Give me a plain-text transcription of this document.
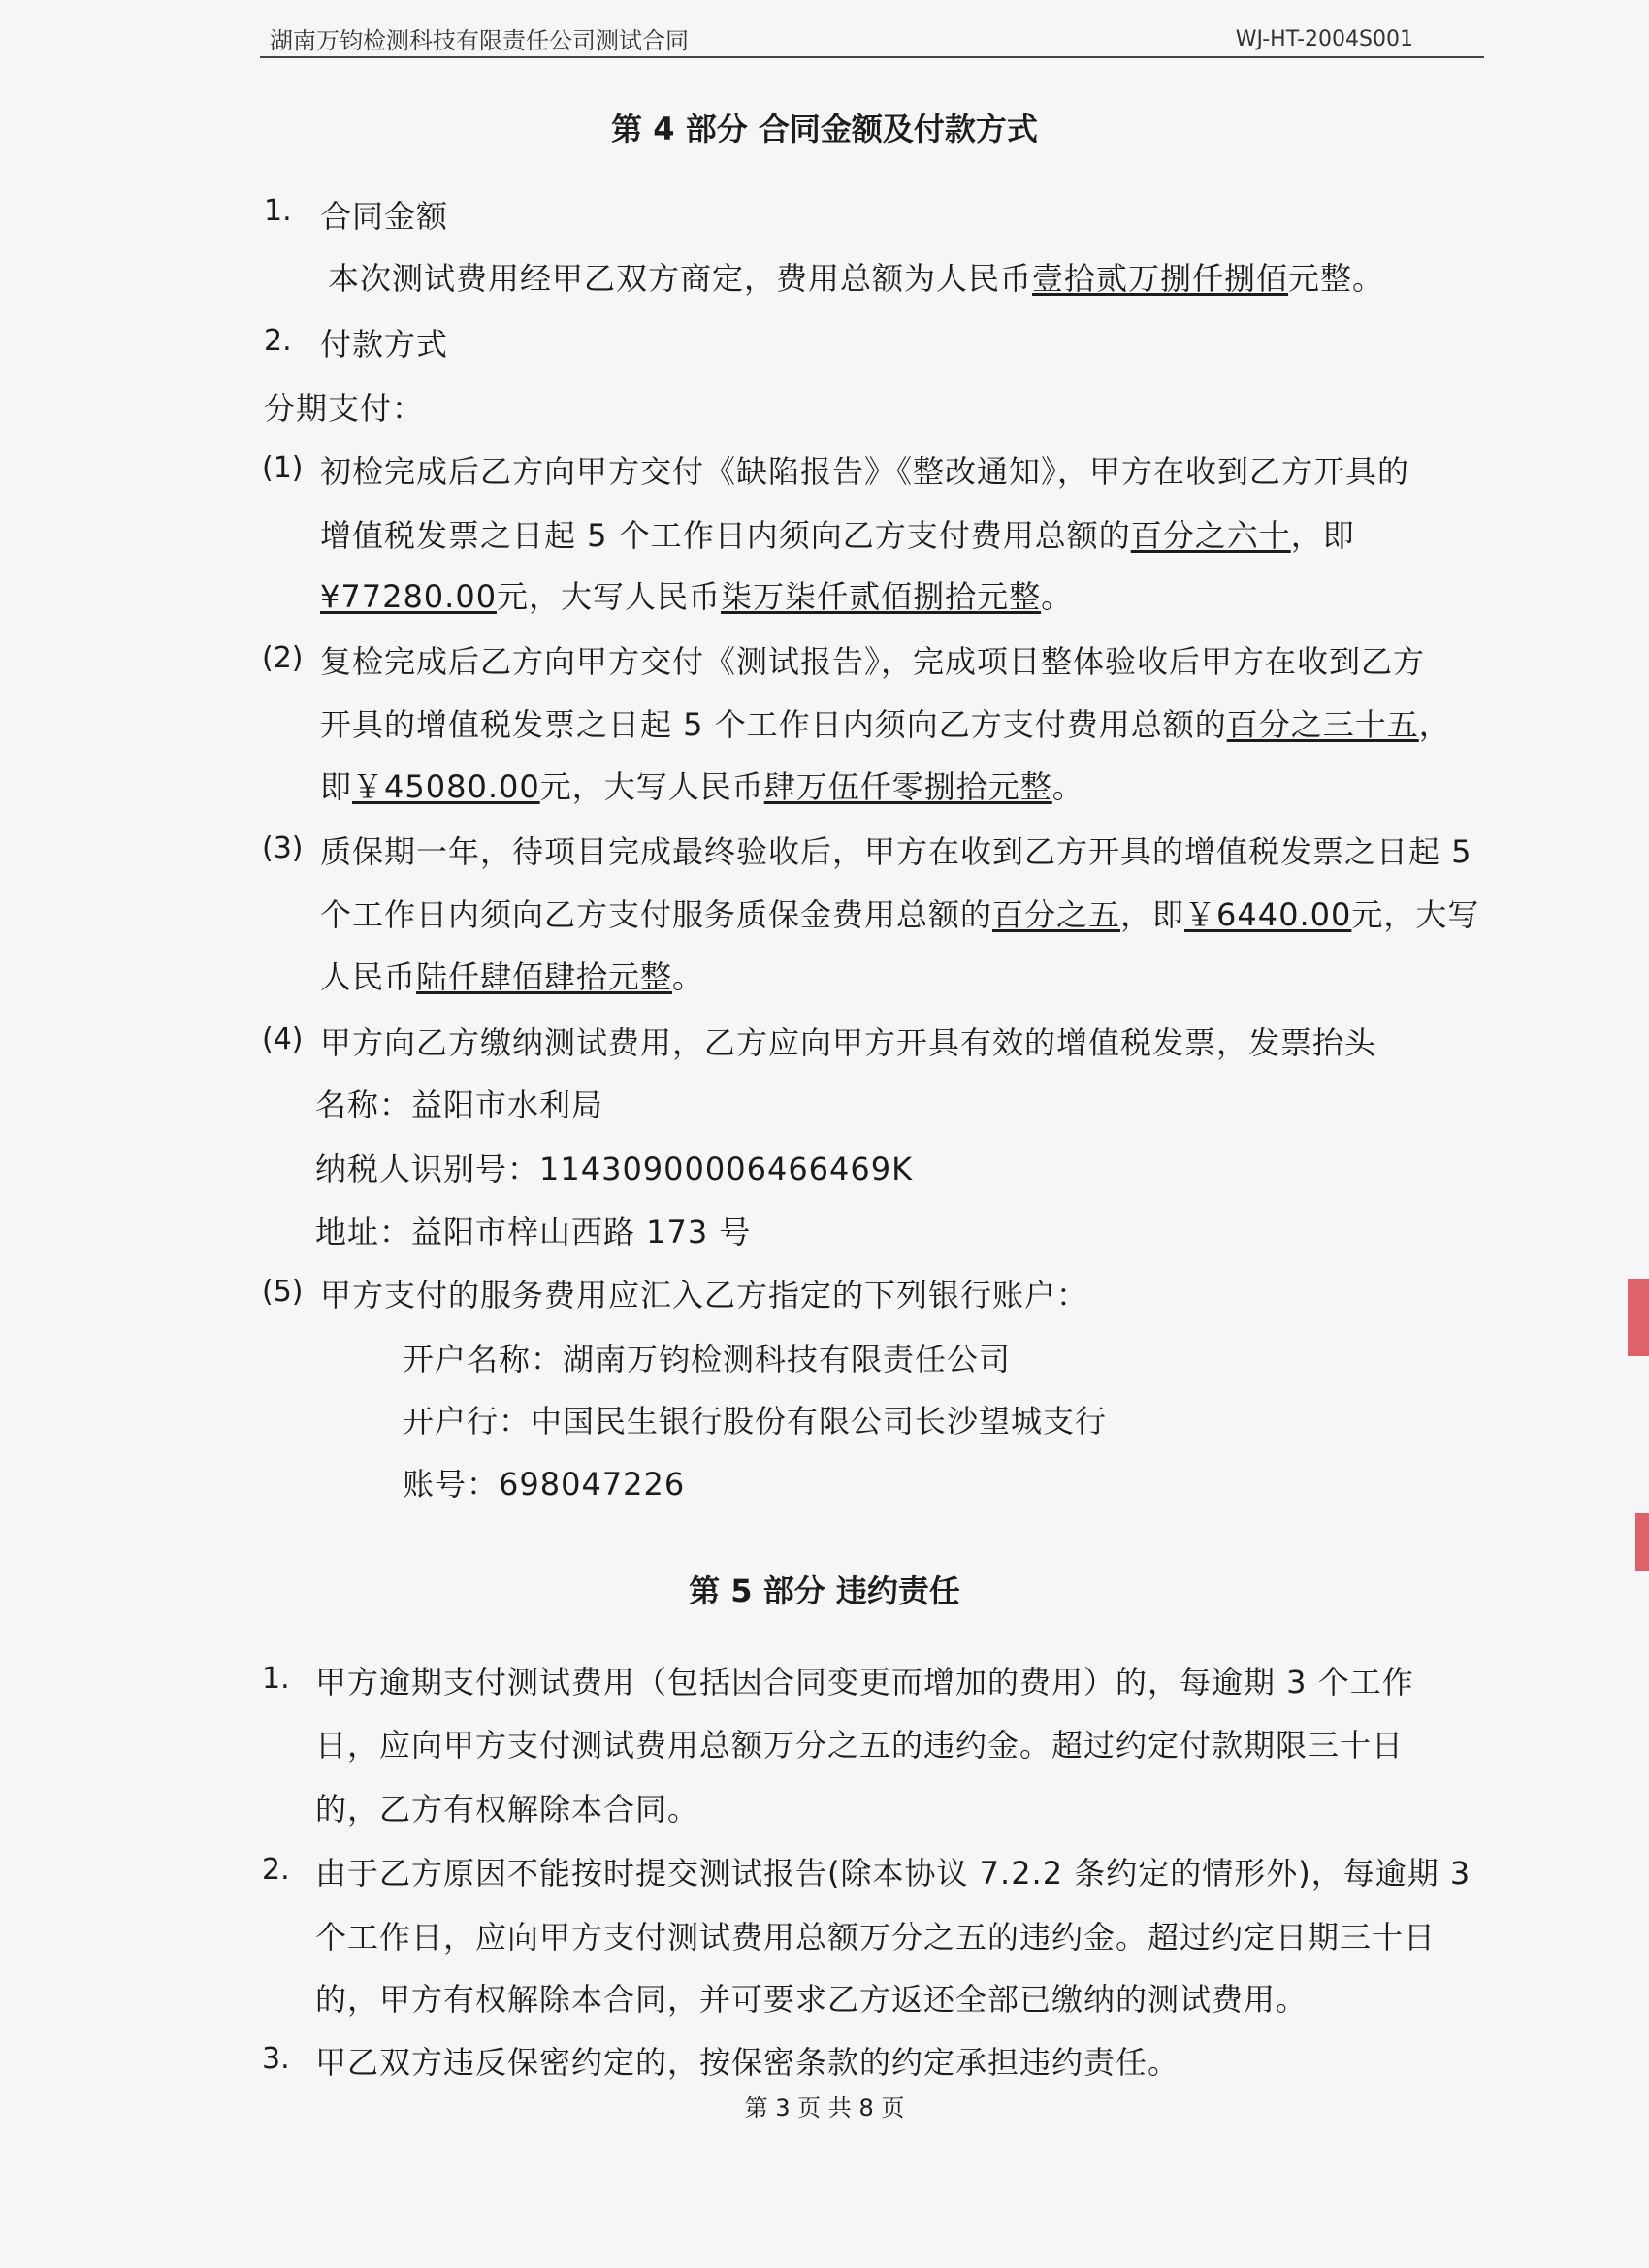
湖南万钧检测科技有限责任公司测试合同	WJ-HT-2004S001
第 4 部分 合同金额及付款方式
1. 合同金额
本次测试费用经甲乙双方商定，费用总额为人民币壹拾贰万捌仟捌佰元整。
2. 付款方式
分期支付：
(1) 初检完成后乙方向甲方交付《缺陷报告》《整改通知》，甲方在收到乙方开具的
增值税发票之日起 5 个工作日内须向乙方支付费用总额的百分之六十，即
¥77280.00元，大写人民币柒万柒仟贰佰捌拾元整。
(2) 复检完成后乙方向甲方交付《测试报告》，完成项目整体验收后甲方在收到乙方
开具的增值税发票之日起 5 个工作日内须向乙方支付费用总额的百分之三十五，
即￥45080.00元，大写人民币肆万伍仟零捌拾元整。
(3) 质保期一年，待项目完成最终验收后，甲方在收到乙方开具的增值税发票之日起 5
个工作日内须向乙方支付服务质保金费用总额的百分之五，即￥6440.00元，大写
人民币陆仟肆佰肆拾元整。
(4) 甲方向乙方缴纳测试费用，乙方应向甲方开具有效的增值税发票，发票抬头
名称：益阳市水利局
纳税人识别号：11430900006466469K
地址：益阳市梓山西路 173 号
(5) 甲方支付的服务费用应汇入乙方指定的下列银行账户：
开户名称：湖南万钧检测科技有限责任公司
开户行：中国民生银行股份有限公司长沙望城支行
账号：698047226
第 5 部分 违约责任
1. 甲方逾期支付测试费用（包括因合同变更而增加的费用）的，每逾期 3 个工作
日，应向甲方支付测试费用总额万分之五的违约金。超过约定付款期限三十日
的，乙方有权解除本合同。
2. 由于乙方原因不能按时提交测试报告(除本协议 7.2.2 条约定的情形外)，每逾期 3
个工作日，应向甲方支付测试费用总额万分之五的违约金。超过约定日期三十日
的，甲方有权解除本合同，并可要求乙方返还全部已缴纳的测试费用。
3. 甲乙双方违反保密约定的，按保密条款的约定承担违约责任。
第 3 页 共 8 页
